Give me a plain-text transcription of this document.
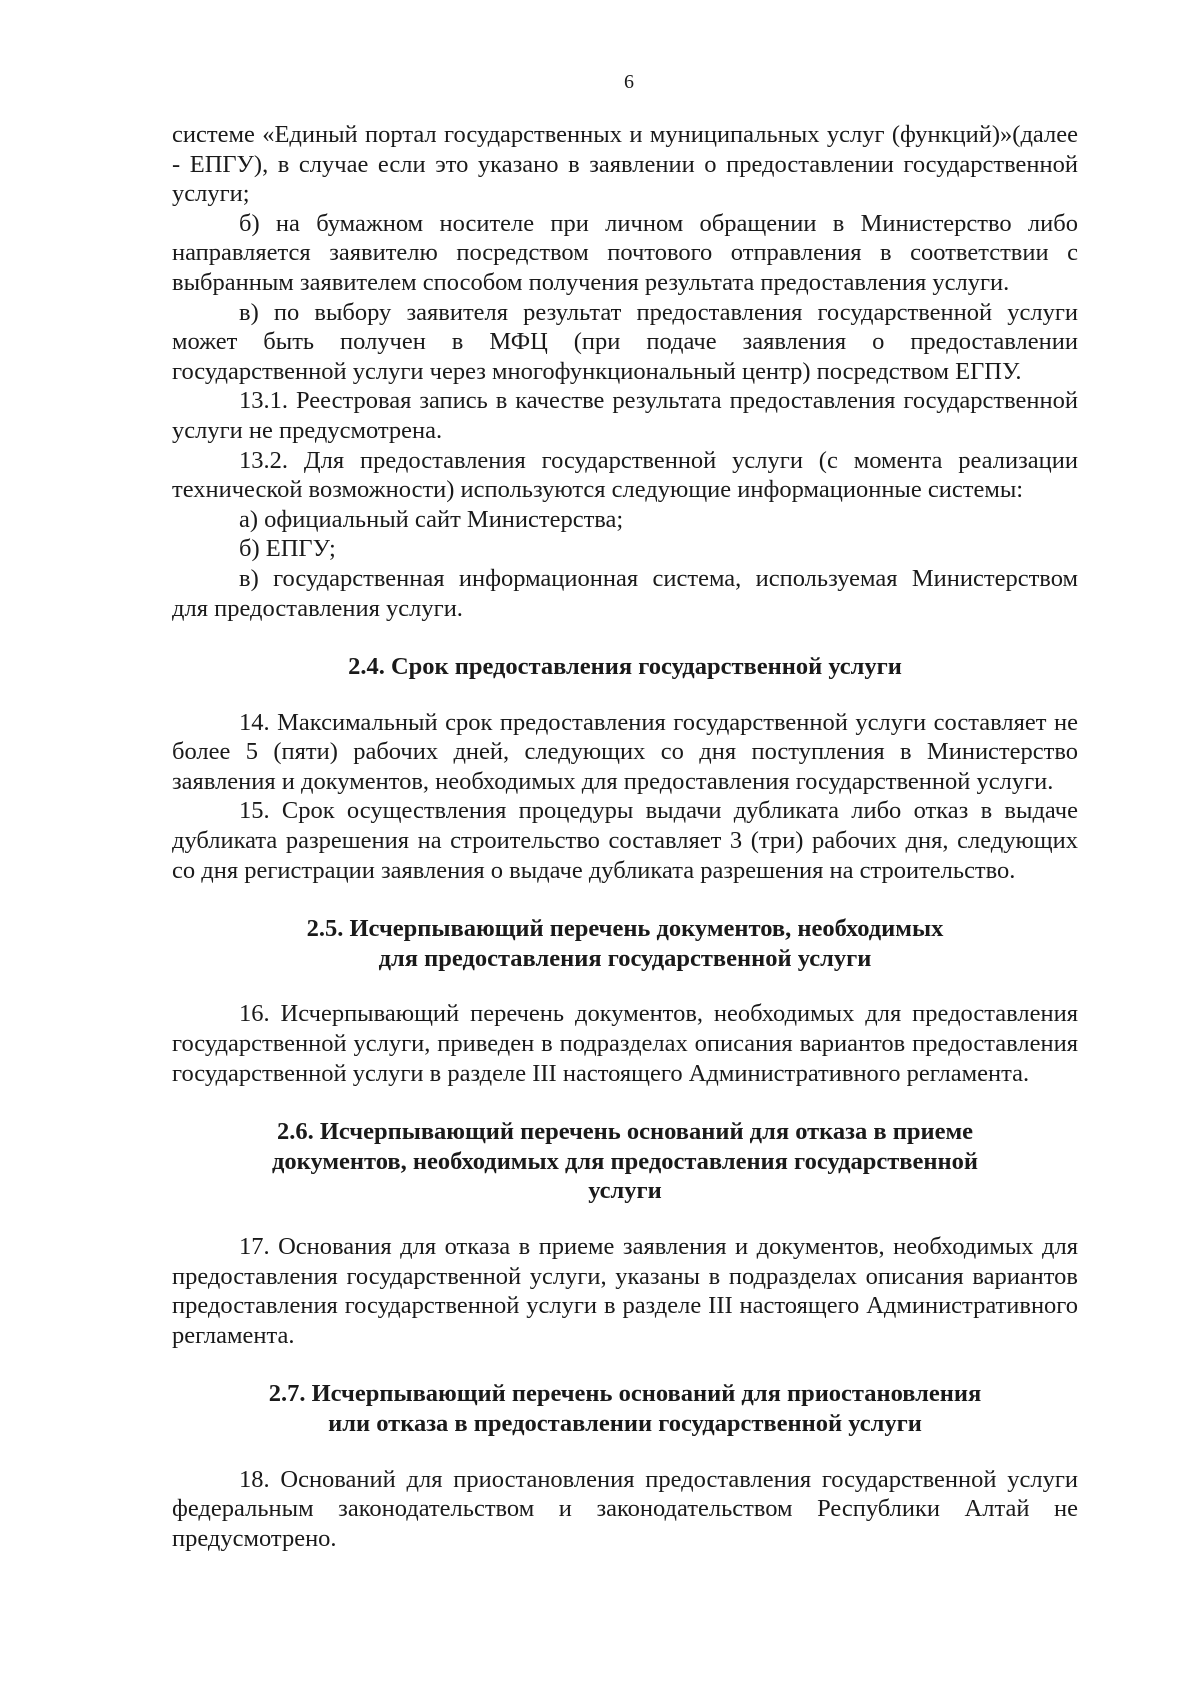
6

системе «Единый портал государственных и муниципальных услуг (функций)»(далее - ЕПГУ), в случае если это указано в заявлении о предоставлении государственной услуги;

б) на бумажном носителе при личном обращении в Министерство либо направляется заявителю посредством почтового отправления в соответствии с выбранным заявителем способом получения результата предоставления услуги.

в) по выбору заявителя результат предоставления государственной услуги может быть получен в МФЦ (при подаче заявления о предоставлении государственной услуги через многофункциональный центр) посредством ЕГПУ.

13.1. Реестровая запись в качестве результата предоставления государственной услуги не предусмотрена.

13.2. Для предоставления государственной услуги (с момента реализации технической возможности) используются следующие информационные системы:

а) официальный сайт Министерства;

б) ЕПГУ;

в) государственная информационная система, используемая Министерством для предоставления услуги.

2.4. Срок предоставления государственной услуги

14. Максимальный срок предоставления государственной услуги составляет не более 5 (пяти) рабочих дней, следующих со дня поступления в Министерство заявления и документов, необходимых для предоставления государственной услуги.

15. Срок осуществления процедуры выдачи дубликата либо отказ в выдаче дубликата разрешения на строительство составляет 3 (три) рабочих дня, следующих со дня регистрации заявления о выдаче дубликата разрешения на строительство.

2.5. Исчерпывающий перечень документов, необходимых
для предоставления государственной услуги

16. Исчерпывающий перечень документов, необходимых для предоставления государственной услуги, приведен в подразделах описания вариантов предоставления государственной услуги в разделе III настоящего Административного регламента.

2.6. Исчерпывающий перечень оснований для отказа в приеме
документов, необходимых для предоставления государственной
услуги

17. Основания для отказа в приеме заявления и документов, необходимых для предоставления государственной услуги, указаны в подразделах описания вариантов предоставления государственной услуги в разделе III настоящего Административного регламента.

2.7. Исчерпывающий перечень оснований для приостановления
или отказа в предоставлении государственной услуги

18. Оснований для приостановления предоставления государственной услуги федеральным законодательством и законодательством Республики Алтай не предусмотрено.
